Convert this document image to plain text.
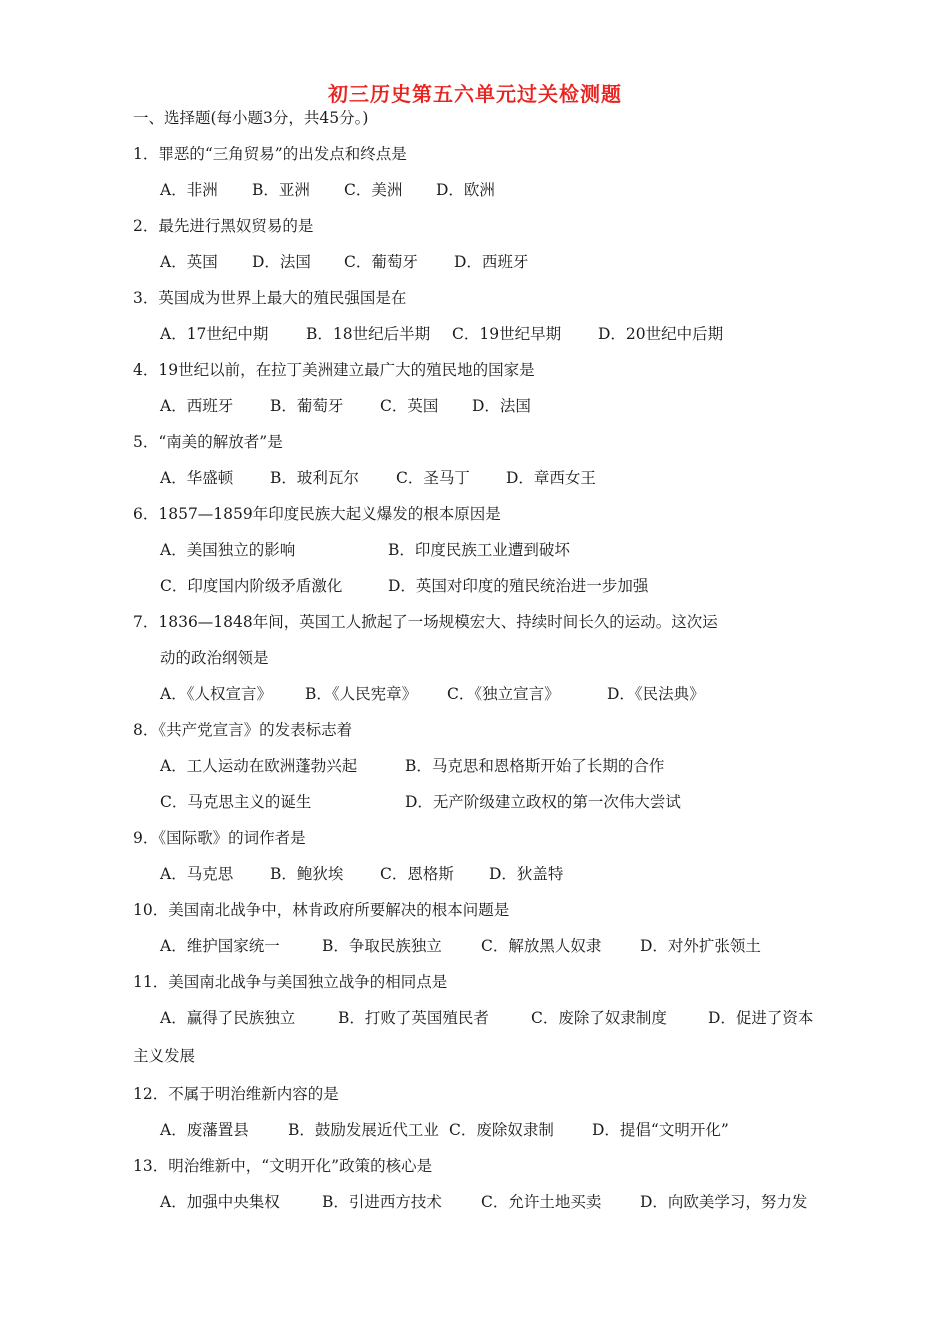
初三历史第五六单元过关检测题
一、选择题(每小题3分，共45分。)
1．罪恶的“三角贸易”的出发点和终点是
A．非洲 B．亚洲 C．美洲 D．欧洲
2．最先进行黑奴贸易的是
A．英国 D．法国 C．葡萄牙 D．西班牙
3．英国成为世界上最大的殖民强国是在
A．17世纪中期 B．18世纪后半期 C．19世纪早期 D．20世纪中后期
4．19世纪以前，在拉丁美洲建立最广大的殖民地的国家是
A．西班牙 B．葡萄牙 C．英国 D．法国
5．“南美的解放者”是
A．华盛顿 B．玻利瓦尔 C．圣马丁 D．章西女王
6．1857—1859年印度民族大起义爆发的根本原因是
A．美国独立的影响	B．印度民族工业遭到破坏
C．印度国内阶级矛盾激化	D．英国对印度的殖民统治进一步加强
7．1836—1848年间，英国工人掀起了一场规模宏大、持续时间长久的运动。这次运
动的政治纲领是
A．《人权宣言》 B．《人民宪章》 C．《独立宣言》	D．《民法典》
8．《共产党宣言》的发表标志着
A．工人运动在欧洲蓬勃兴起	B．马克思和恩格斯开始了长期的合作
C．马克思主义的诞生	D．无产阶级建立政权的第一次伟大尝试
9．《国际歌》的词作者是
A．马克思 B．鲍狄埃 C．恩格斯 D．狄盖特
10．美国南北战争中，林肯政府所要解决的根本问题是
A．维护国家统一	B．争取民族独立	C．解放黑人奴隶 D．对外扩张领土
11．美国南北战争与美国独立战争的相同点是
A．赢得了民族独立	B．打败了英国殖民者	C．废除了奴隶制度	D．促进了资本
主义发展
12．不属于明治维新内容的是
A．废藩置县	B．鼓励发展近代工业 C．废除奴隶制 D．提倡“文明开化”
13．明治维新中，“文明开化”政策的核心是
A．加强中央集权	B．引进西方技术	C．允许土地买卖 D．向欧美学习，努力发
